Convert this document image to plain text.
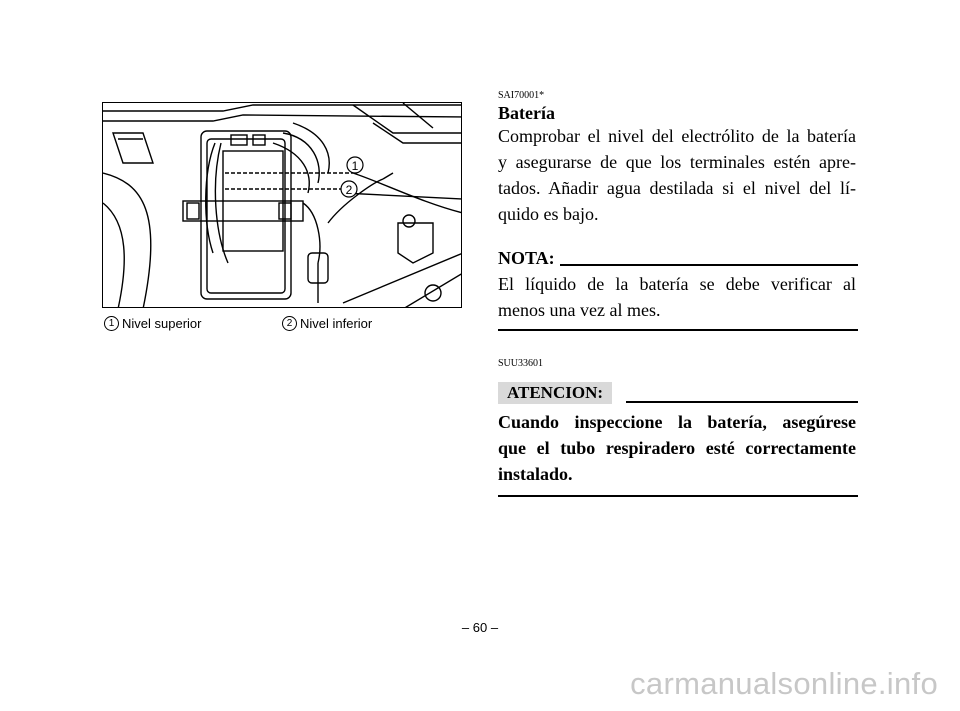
1
2
1 Nivel superior	2 Nivel inferior
SAI70001*
Batería
Comprobar el nivel del electrólito de la batería
y asegurarse de que los terminales estén apre-
tados. Añadir agua destilada si el nivel del lí-
quido es bajo.
NOTA:
El líquido de la batería se debe verificar al
menos una vez al mes.
SUU33601
ATENCION:
Cuando inspeccione la batería, asegúrese
que el tubo respiradero esté correctamente
instalado.
– 60 –
carmanualsonline.info
